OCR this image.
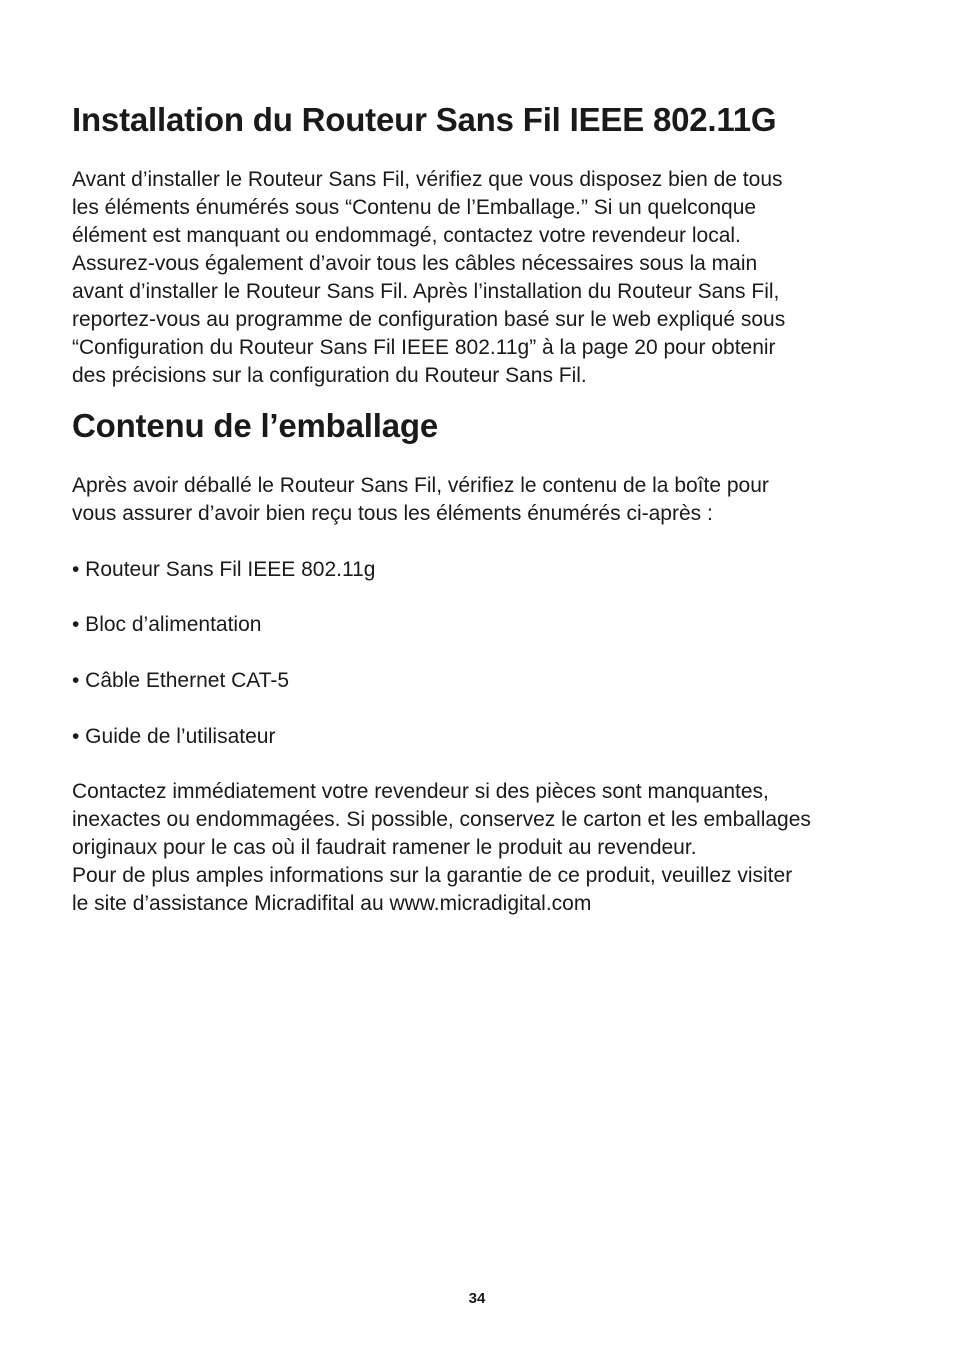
Installation du Routeur Sans Fil IEEE 802.11G

Avant d’installer le Routeur Sans Fil, vérifiez que vous disposez bien de tous
les éléments énumérés sous “Contenu de l’Emballage.” Si un quelconque
élément est manquant ou endommagé, contactez votre revendeur local.
Assurez-vous également d’avoir tous les câbles nécessaires sous la main
avant d’installer le Routeur Sans Fil. Après l’installation du Routeur Sans Fil,
reportez-vous au programme de configuration basé sur le web expliqué sous
“Configuration du Routeur Sans Fil IEEE 802.11g” à la page 20 pour obtenir
des précisions sur la configuration du Routeur Sans Fil.

Contenu de l’emballage

Après avoir déballé le Routeur Sans Fil, vérifiez le contenu de la boîte pour
vous assurer d’avoir bien reçu tous les éléments énumérés ci-après :

• Routeur Sans Fil IEEE 802.11g

• Bloc d’alimentation

• Câble Ethernet CAT-5

• Guide de l’utilisateur

Contactez immédiatement votre revendeur si des pièces sont manquantes,
inexactes ou endommagées. Si possible, conservez le carton et les emballages
originaux pour le cas où il faudrait ramener le produit au revendeur.
Pour de plus amples informations sur la garantie de ce produit, veuillez visiter
le site d’assistance Micradifital au www.micradigital.com

34
